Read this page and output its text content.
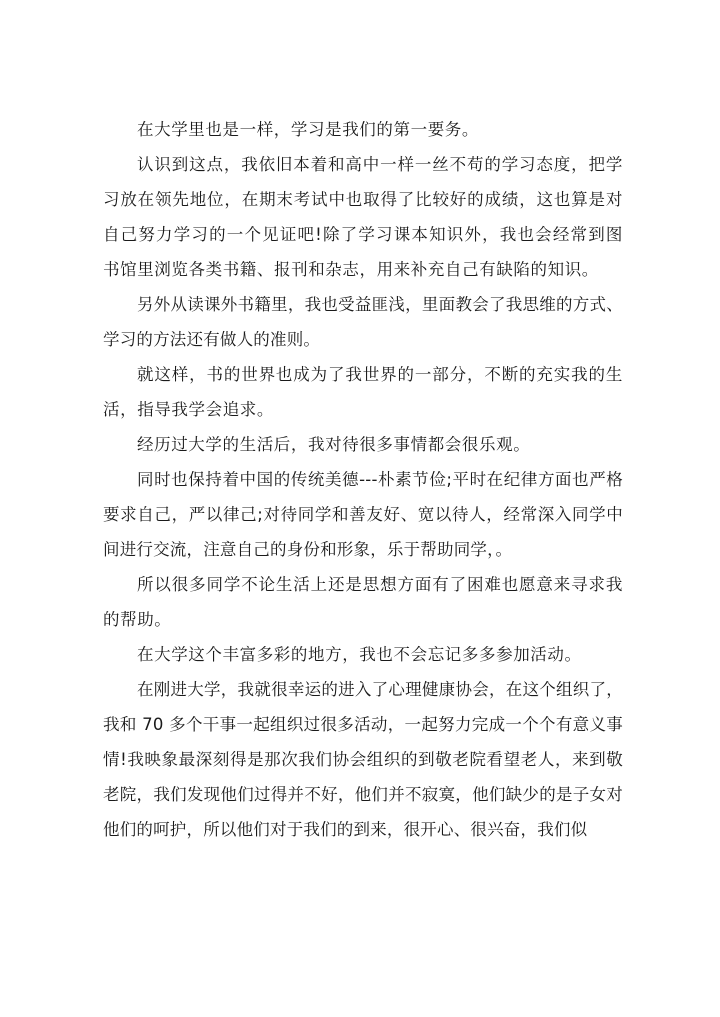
在大学里也是一样，学习是我们的第一要务。

认识到这点，我依旧本着和高中一样一丝不苟的学习态度，把学习放在领先地位，在期末考试中也取得了比较好的成绩，这也算是对自己努力学习的一个见证吧!除了学习课本知识外，我也会经常到图书馆里浏览各类书籍、报刊和杂志，用来补充自己有缺陷的知识。

另外从读课外书籍里，我也受益匪浅，里面教会了我思维的方式、学习的方法还有做人的准则。

就这样，书的世界也成为了我世界的一部分，不断的充实我的生活，指导我学会追求。

经历过大学的生活后，我对待很多事情都会很乐观。

同时也保持着中国的传统美德---朴素节俭;平时在纪律方面也严格要求自己，严以律己;对待同学和善友好、宽以待人，经常深入同学中间进行交流，注意自己的身份和形象，乐于帮助同学，。

所以很多同学不论生活上还是思想方面有了困难也愿意来寻求我的帮助。

在大学这个丰富多彩的地方，我也不会忘记多多参加活动。

在刚进大学，我就很幸运的进入了心理健康协会，在这个组织了，我和 70 多个干事一起组织过很多活动，一起努力完成一个个有意义事情!我映象最深刻得是那次我们协会组织的到敬老院看望老人，来到敬老院，我们发现他们过得并不好，他们并不寂寞，他们缺少的是子女对他们的呵护，所以他们对于我们的到来，很开心、很兴奋，我们似
